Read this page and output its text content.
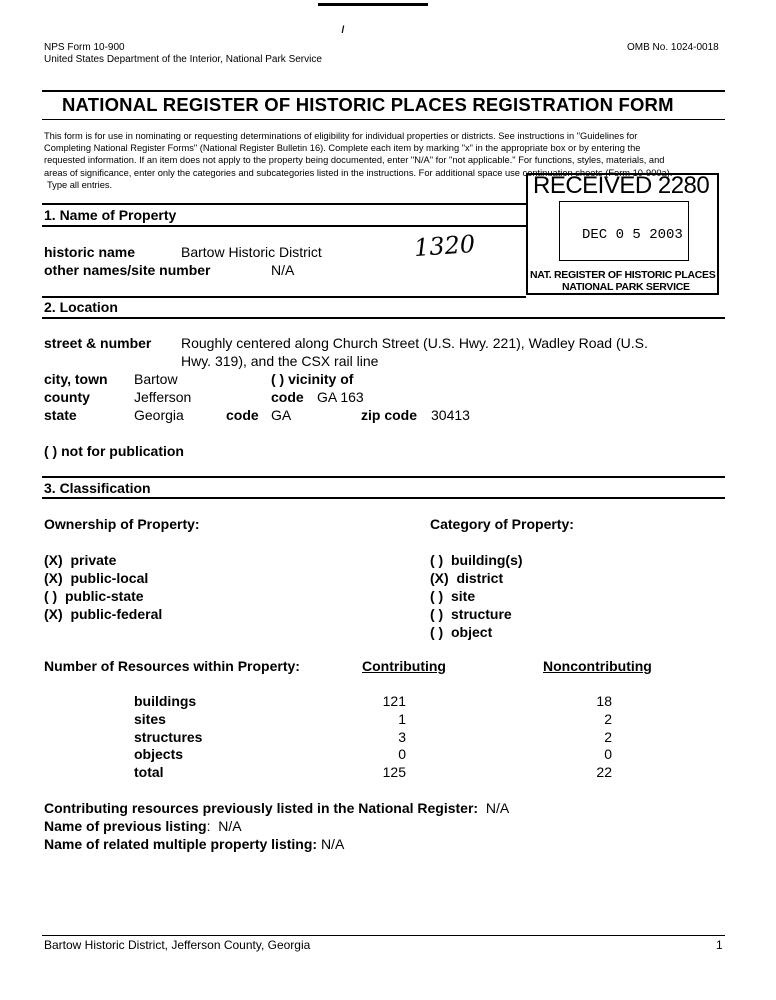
ı
NPS Form 10-900
United States Department of the Interior, National Park Service
OMB No. 1024-0018
NATIONAL REGISTER OF HISTORIC PLACES REGISTRATION FORM
This form is for use in nominating or requesting determinations of eligibility for individual properties or districts. See instructions in "Guidelines for
Completing National Register Forms" (National Register Bulletin 16). Complete each item by marking "x" in the appropriate box or by entering the
requested information. If an item does not apply to the property being documented, enter "N/A" for "not applicable." For functions, styles, materials, and
areas of significance, enter only the categories and subcategories listed in the instructions. For additional space use continuation sheets (Form 10-900a).
Type all entries.	RECEIVED 2280
DEC 0 5 2003
NAT. REGISTER OF HISTORIC PLACES
NATIONAL PARK SERVICE
1. Name of Property
historic name	Bartow Historic District
other names/site number	N/A
1320
2. Location
street & number Roughly centered along Church Street (U.S. Hwy. 221), Wadley Road (U.S.
Hwy. 319), and the CSX rail line
city, town Bartow	( ) vicinity of
county	Jefferson	code GA 163
state	Georgia	code GA	zip code 30413
( ) not for publication
3. Classification
Ownership of Property:	Category of Property:
(X) private
(X) public-local
( ) public-state
(X) public-federal
( ) building(s)
(X) district
( ) site
( ) structure
( ) object
Number of Resources within Property:	Contributing	Noncontributing
buildings	121	18
sites	1	2
structures	3	2
objects	0	0
total	125	22
Contributing resources previously listed in the National Register: N/A
Name of previous listing:  N/A
Name of related multiple property listing: N/A
Bartow Historic District, Jefferson County, Georgia	1
